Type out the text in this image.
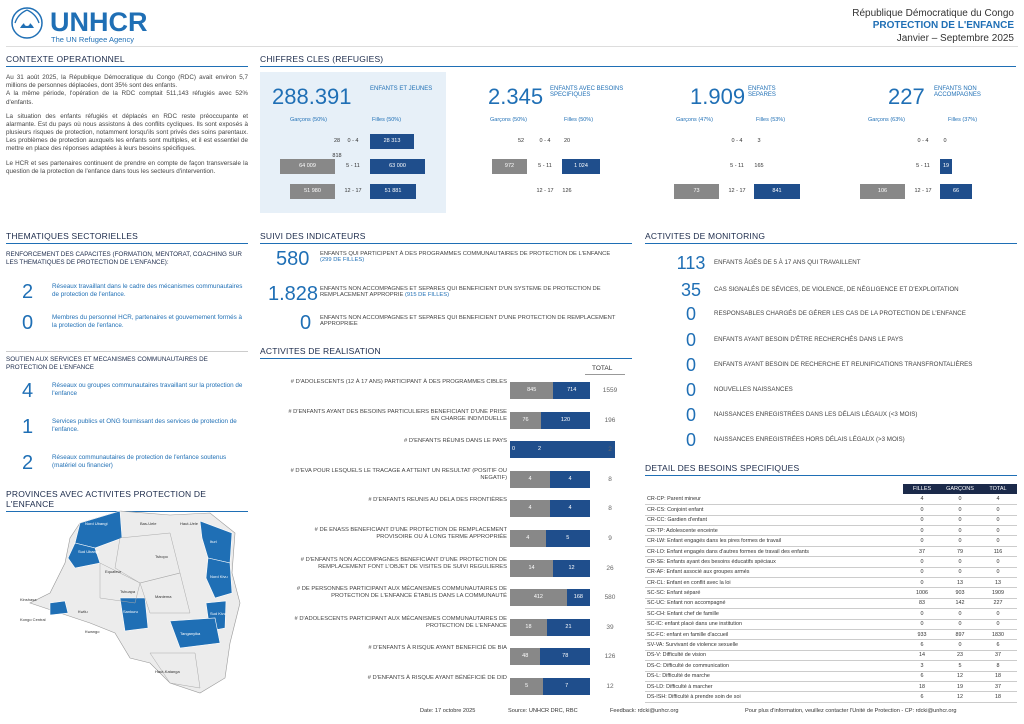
UNHCR
The UN Refugee Agency
République Démocratique du Congo
PROTECTION DE L'ENFANCE
Janvier – Septembre 2025
CONTEXTE OPERATIONNEL

Au 31 août 2025, la République Démocratique du Congo (RDC) avait environ 5,7 millions de personnes déplacées, dont 35% sont des enfants.

A la même période, l'opération de la RDC comptait 511,143 réfugiés avec 52% d'enfants.

La situation des enfants réfugiés et déplacés en RDC reste préoccupante et alarmante. Est du pays où nous assistons à des conflits cycliques. Ils sont exposés à plusieurs risques de protection, notamment lorsqu'ils sont privés des soins parentaux. Les problèmes de protection auxquels les enfants sont multiples, et il est essentiel de mettre en place des réponses adaptées à leurs besoins spécifiques.

Le HCR et ses partenaires continuent de prendre en compte de façon transversale la question de la protection de l'enfance dans tous les secteurs d'intervention.

THEMATIQUES SECTORIELLES
RENFORCEMENT DES CAPACITES (FORMATION, MENTORAT, COACHING SUR LES THEMATIQUES DE PROTECTION DE L'ENFANCE):
2	Réseaux travaillant dans le cadre des mécanismes communautaires de protection de l'enfance.
0	Membres du personnel HCR, partenaires et gouvernement formés à la protection de l'enfance.
SOUTIEN AUX SERVICES ET MECANISMES COMMUNAUTAIRES DE PROTECTION DE L'ENFANCE
4	Réseaux ou groupes communautaires travaillant sur la protection de l'enfance
1	Services publics et ONG fournissant des services de protection de l'enfance.
2	Réseaux communautaires de protection de l'enfance soutenus (matériel ou financier)
PROVINCES AVEC ACTIVITES PROTECTION DE L'ENFANCE
Nord Ubangi
Sud Ubangi
Bas-Uele	Haut-Uele
Ituri
Nord Kivu
Sud Kivu
Tshopo
Equateur
Tshuapa
Maniema
Kwilu
Kwango
Sankuru
Tanganyika
Haut-Katanga
Kinshasa
Kongo Central
CHIFFRES CLES (REFUGIES)
288.391	ENFANTS ET JEUNES
Garçons (50%)	Filles (50%)
28 818
0 - 4	28 313
64 009	5 - 11	63 000
51 980	12 - 17	51 881
2.345 ENFANTS AVEC BESOINS SPECIFIQUES
Garçons (50%)	Filles (50%)
52	0 - 4	20
972	5 - 11	1 024
12 - 17	126
1.909 ENFANTS SEPARES
Garçons (47%)	Filles (53%)
0 - 4	3
5 - 11	165
73	12 - 17	841
227 ENFANTS NON ACCOMPAGNES
Garçons (63%)	Filles (37%)
0 - 4	0
5 - 11	19
106	12 - 17	66
SUIVI DES INDICATEURS
580 ENFANTS QUI PARTICIPENT À DES PROGRAMMES COMMUNAUTAIRES DE PROTECTION DE L'ENFANCE (299 DE FILLES)
1.828 ENFANTS NON ACCOMPAGNES ET SEPARES QUI BENEFICIENT D'UN SYSTEME DE PROTECTION DE REMPLACEMENT APPROPRIE (915 DE FILLES)
0 ENFANTS NON ACCOMPAGNES ET SEPARES QUI BENEFICIENT D'UNE PROTECTION DE REMPLACEMENT APPROPRIEE
ACTIVITES DE REALISATION
TOTAL
# D'ADOLESCENTS (12 À 17 ANS) PARTICIPANT À DES PROGRAMMES CIBLES
845	714	1559
# D'ENFANTS AYANT DES BESOINS PARTICULIERS BENEFICIANT D'UNE PRISE EN CHARGE INDIVIDUELLE	76	120	196
# D'ENFANTS RÉUNIS DANS LE PAYS
0	2	2
# D'EVA POUR LESQUELS LE TRACAGE A ATTEINT UN RESULTAT (POSITIF OU NEGATIF)	4	4	8
# D'ENFANTS REUNIS AU DELA DES FRONTIÈRES
4	4	8
# DE ENASS BENEFICIANT D'UNE PROTECTION DE REMPLACEMENT PROVISOIRE OU À LONG TERME APPROPRIÉE	4	5	9
# D'ENFANTS NON ACCOMPAGNES BENEFICIANT D'UNE PROTECTION DE REMPLACEMENT FONT L'OBJET DE VISITES DE SUIVI REGULIERES	14	12	26
# DE PERSONNES PARTICIPANT AUX MÉCANISMES COMMUNAUTAIRES DE PROTECTION DE L'ENFANCE ÉTABLIS DANS LA COMMUNAUTÉ	412	168	580
# D'ADOLESCENTS PARTICIPANT AUX MÉCANISMES COMMUNAUTAIRES DE PROTECTION DE L'ENFANCE	18	21	39
# D'ENFANTS À RISQUE AYANT BENEFICIÉ DE BIA
48	78	126
# D'ENFANTS À RISQUE AYANT BÉNÉFICIÉ DE DID
5	7	12
ACTIVITES DE MONITORING
113 ENFANTS ÂGÉS DE 5 À 17 ANS QUI TRAVAILLENT
35	CAS SIGNALÉS DE SÉVICES, DE VIOLENCE, DE NÉGLIGENCE ET D'EXPLOITATION
0	RESPONSABLES CHARGÉS DE GÉRER LES CAS DE LA PROTECTION DE L'ENFANCE
0	ENFANTS AYANT BESOIN D'ÊTRE RECHERCHÉS DANS LE PAYS
0	ENFANTS AYANT BESOIN DE RECHERCHE ET REUNIFICATIONS TRANSFRONTALIÈRES
0	NOUVELLES NAISSANCES
0	NAISSANCES ENREGISTRÉES DANS LES DÉLAIS LÉGAUX (<3 MOIS)
0	NAISSANCES ENREGISTRÉES HORS DÉLAIS LÉGAUX (>3 MOIS)
DETAIL DES BESOINS SPECIFIQUES
	FILLES	GARÇONS	TOTAL
CR-CP: Parent mineur	4	0	4
CR-CS: Conjoint enfant	0	0	0
CR-CC: Gardien d'enfant	0	0	0
CR-TP: Adolescente enceinte	0	0	0
CR-LW: Enfant engagés dans les pires formes de travail	0	0	0
CR-LO: Enfant engagés dans d'autres formes de travail des enfants	37	79	116
CR-SE: Enfants ayant des besoins éducatifs spéciaux	0	0	0
CR-AF: Enfant associé aux groupes armés	0	0	0
CR-CL: Enfant en conflit avec la loi	0	13	13
SC-SC: Enfant séparé	1006	903	1909
SC-UC: Enfant non accompagné	83	142	227
SC-CH: Enfant chef de famille	0	0	0
SC-IC: enfant placé dans une institution	0	0	0
SC-FC: enfant en famille d'accueil	933	897	1830
SV-VA: Survivant de violence sexuelle	6	0	6
DS-V: Difficulté de vision	14	23	37
DS-C: Difficulté de communication	3	5	8
DS-L: Difficulté de marche	6	12	18
DS-LD: Difficulté à marcher	18	19	37
DS-ISH: Difficulté à prendre soin de soi	6	12	18
Date: 17 octobre 2025	Source: UNHCR DRC, RBC	Feedback: rdcki@unhcr.org	Pour plus d'information, veuillez contacter l'Unité de Protection - CP: rdcki@unhcr.org
